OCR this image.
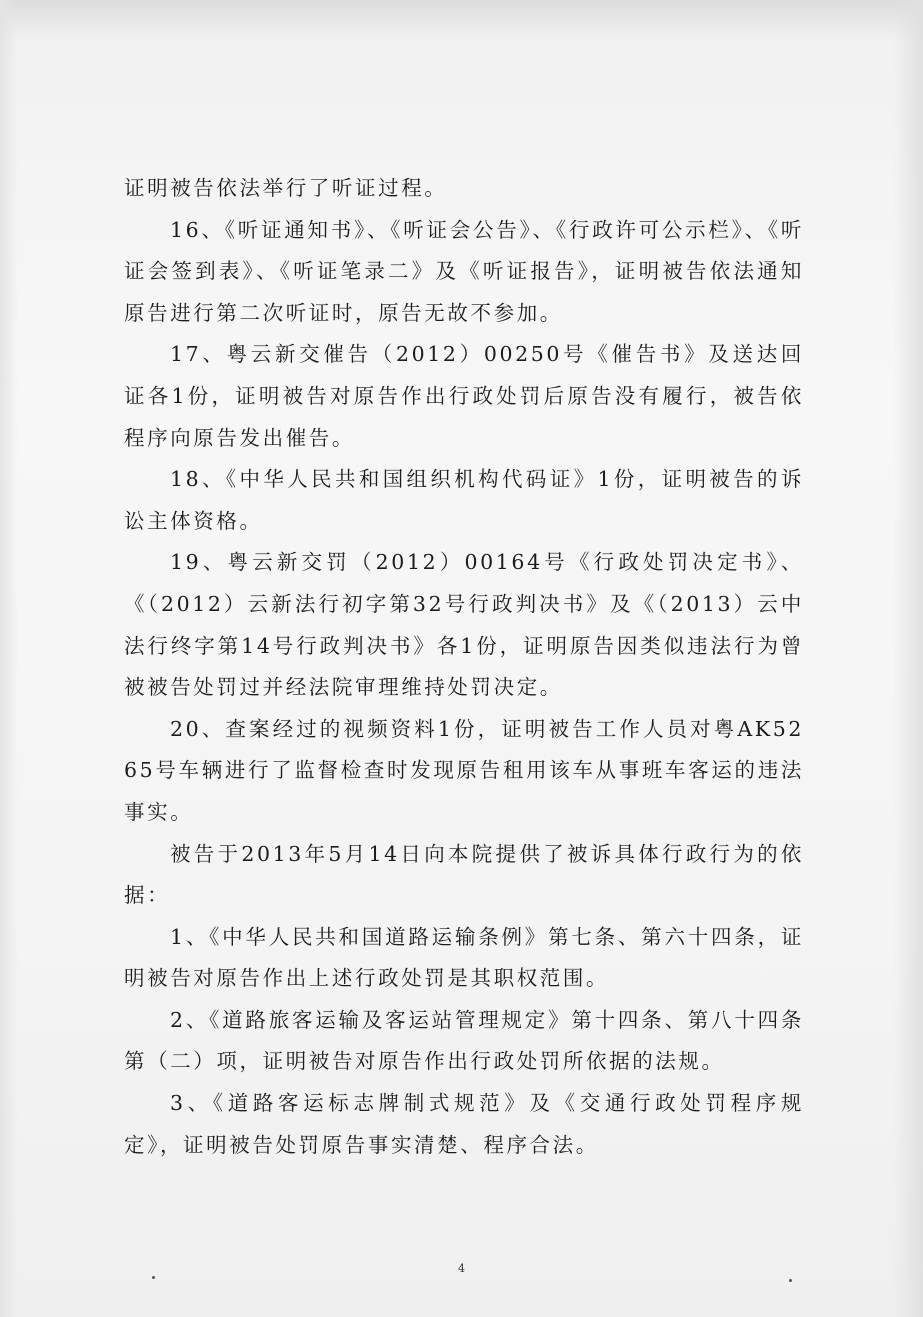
证明被告依法举行了听证过程。

16、《听证通知书》、《听证会公告》、《行政许可公示栏》、《听证会签到表》、《听证笔录二》及《听证报告》，证明被告依法通知原告进行第二次听证时，原告无故不参加。

17、粤云新交催告（2012）00250号《催告书》及送达回证各1份，证明被告对原告作出行政处罚后原告没有履行，被告依程序向原告发出催告。

18、《中华人民共和国组织机构代码证》1份，证明被告的诉讼主体资格。

19、粤云新交罚（2012）00164号《行政处罚决定书》、《（2012）云新法行初字第32号行政判决书》及《（2013）云中法行终字第14号行政判决书》各1份，证明原告因类似违法行为曾被被告处罚过并经法院审理维持处罚决定。

20、查案经过的视频资料1份，证明被告工作人员对粤AK5265号车辆进行了监督检查时发现原告租用该车从事班车客运的违法事实。

被告于2013年5月14日向本院提供了被诉具体行政行为的依据：

1、《中华人民共和国道路运输条例》第七条、第六十四条，证明被告对原告作出上述行政处罚是其职权范围。

2、《道路旅客运输及客运站管理规定》第十四条、第八十四条第（二）项，证明被告对原告作出行政处罚所依据的法规。

3、《道路客运标志牌制式规范》及《交通行政处罚程序规定》，证明被告处罚原告事实清楚、程序合法。

4
